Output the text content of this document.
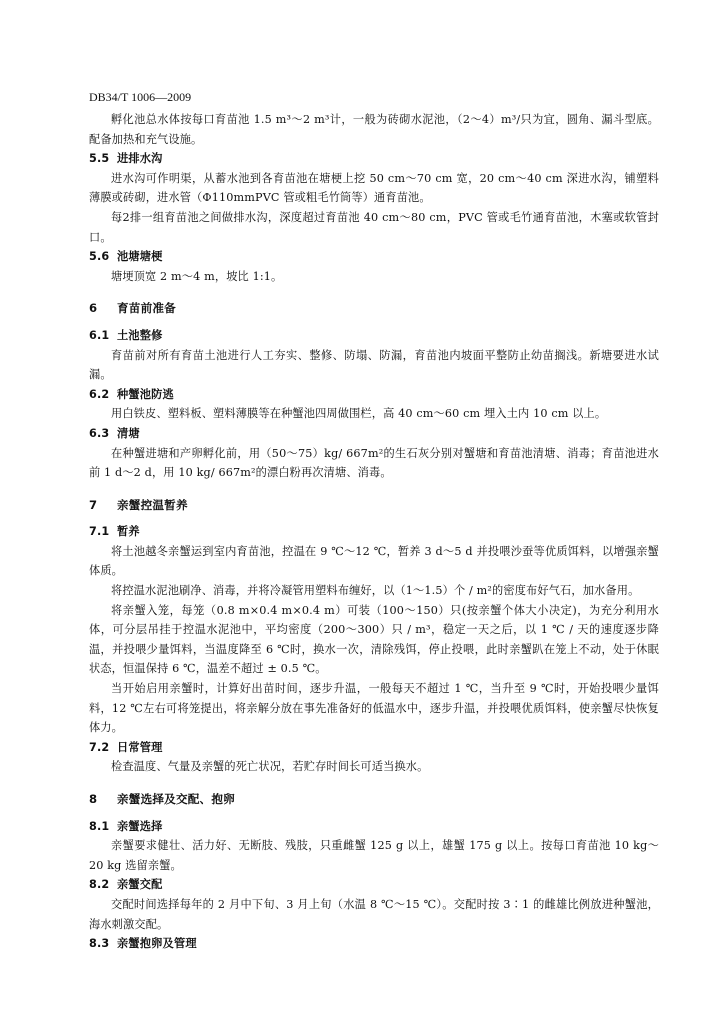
DB34/T 1006—2009

孵化池总水体按每口育苗池 1.5 m³～2 m³计，一般为砖砌水泥池，（2～4）m³/只为宜，圆角、漏斗型底。配备加热和充气设施。

5.5 进排水沟

进水沟可作明渠，从蓄水池到各育苗池在塘梗上挖 50 cm～70 cm 宽，20 cm～40 cm 深进水沟，铺塑料薄膜或砖砌，进水管（Φ110mmPVC 管或粗毛竹筒等）通育苗池。

每2排一组育苗池之间做排水沟，深度超过育苗池 40 cm～80 cm，PVC 管或毛竹通育苗池，木塞或软管封口。

5.6 池塘塘梗

塘埂顶宽 2 m～4 m，坡比 1:1。

6 育苗前准备
6.1 土池整修

育苗前对所有育苗土池进行人工夯实、整修、防塌、防漏，育苗池内坡面平整防止幼苗搁浅。新塘要进水试漏。

6.2 种蟹池防逃

用白铁皮、塑料板、塑料薄膜等在种蟹池四周做围栏，高 40 cm～60 cm 埋入土内 10 cm 以上。

6.3 清塘

在种蟹进塘和产卵孵化前，用（50～75）kg/ 667m²的生石灰分别对蟹塘和育苗池清塘、消毒；育苗池进水前 1 d～2 d，用 10 kg/ 667m²的漂白粉再次清塘、消毒。

7 亲蟹控温暂养
7.1 暂养

将土池越冬亲蟹运到室内育苗池，控温在 9 ℃～12 ℃，暂养 3 d～5 d 并投喂沙蚕等优质饵料，以增强亲蟹体质。

将控温水泥池刷净、消毒，并将冷凝管用塑料布缠好，以（1～1.5）个 / m²的密度布好气石，加水备用。

将亲蟹入笼，每笼（0.8 m×0.4 m×0.4 m）可装（100～150）只(按亲蟹个体大小决定)，为充分利用水体，可分层吊挂于控温水泥池中，平均密度（200～300）只 / m³，稳定一天之后，以 1 ℃ / 天的速度逐步降温，并投喂少量饵料，当温度降至 6 ℃时，换水一次，清除残饵，停止投喂，此时亲蟹趴在笼上不动，处于休眠状态，恒温保持 6 ℃，温差不超过 ± 0.5 ℃。

当开始启用亲蟹时，计算好出苗时间，逐步升温，一般每天不超过 1 ℃，当升至 9 ℃时，开始投喂少量饵料，12 ℃左右可将笼提出，将亲解分放在事先准备好的低温水中，逐步升温，并投喂优质饵料，使亲蟹尽快恢复体力。

7.2 日常管理

检查温度、气量及亲蟹的死亡状况，若贮存时间长可适当换水。

8 亲蟹选择及交配、抱卵
8.1 亲蟹选择

亲蟹要求健壮、活力好、无断肢、残肢，只重雌蟹 125 g 以上，雄蟹 175 g 以上。按每口育苗池 10 kg～20 kg 选留亲蟹。

8.2 亲蟹交配

交配时间选择每年的 2 月中下旬、3 月上旬（水温 8 ℃～15 ℃）。交配时按 3∶1 的雌雄比例放进种蟹池，海水刺激交配。

8.3 亲蟹抱卵及管理
